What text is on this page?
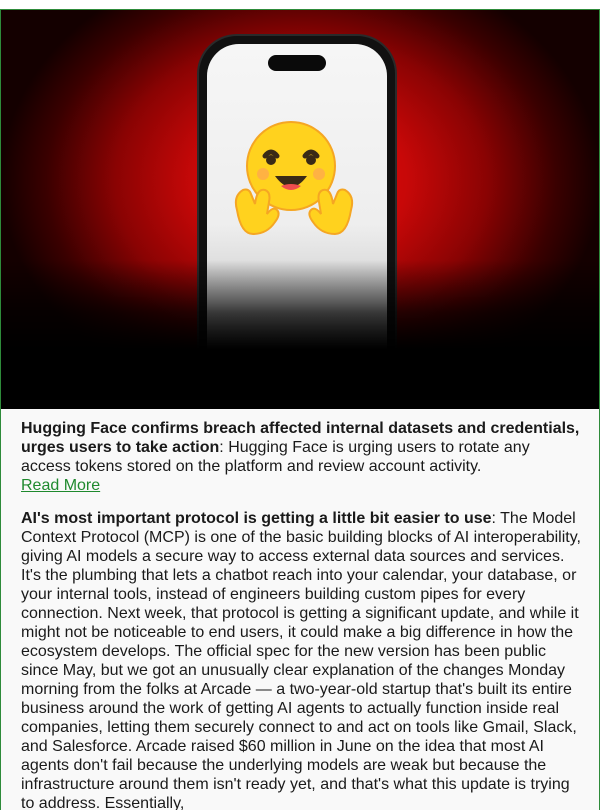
Hugging Face confirms breach affected internal datasets and credentials, urges users to take action: Hugging Face is urging users to rotate any access tokens stored on the platform and review account activity.
Read More

AI's most important protocol is getting a little bit easier to use: The Model Context Protocol (MCP) is one of the basic building blocks of AI interoperability, giving AI models a secure way to access external data sources and services. It's the plumbing that lets a chatbot reach into your calendar, your database, or your internal tools, instead of engineers building custom pipes for every connection. Next week, that protocol is getting a significant update, and while it might not be noticeable to end users, it could make a big difference in how the ecosystem develops. The official spec for the new version has been public since May, but we got an unusually clear explanation of the changes Monday morning from the folks at Arcade — a two-year-old startup that's built its entire business around the work of getting AI agents to actually function inside real companies, letting them securely connect to and act on tools like Gmail, Slack, and Salesforce. Arcade raised $60 million in June on the idea that most AI agents don't fail because the underlying models are weak but because the infrastructure around them isn't ready yet, and that's what this update is trying to address. Essentially,
